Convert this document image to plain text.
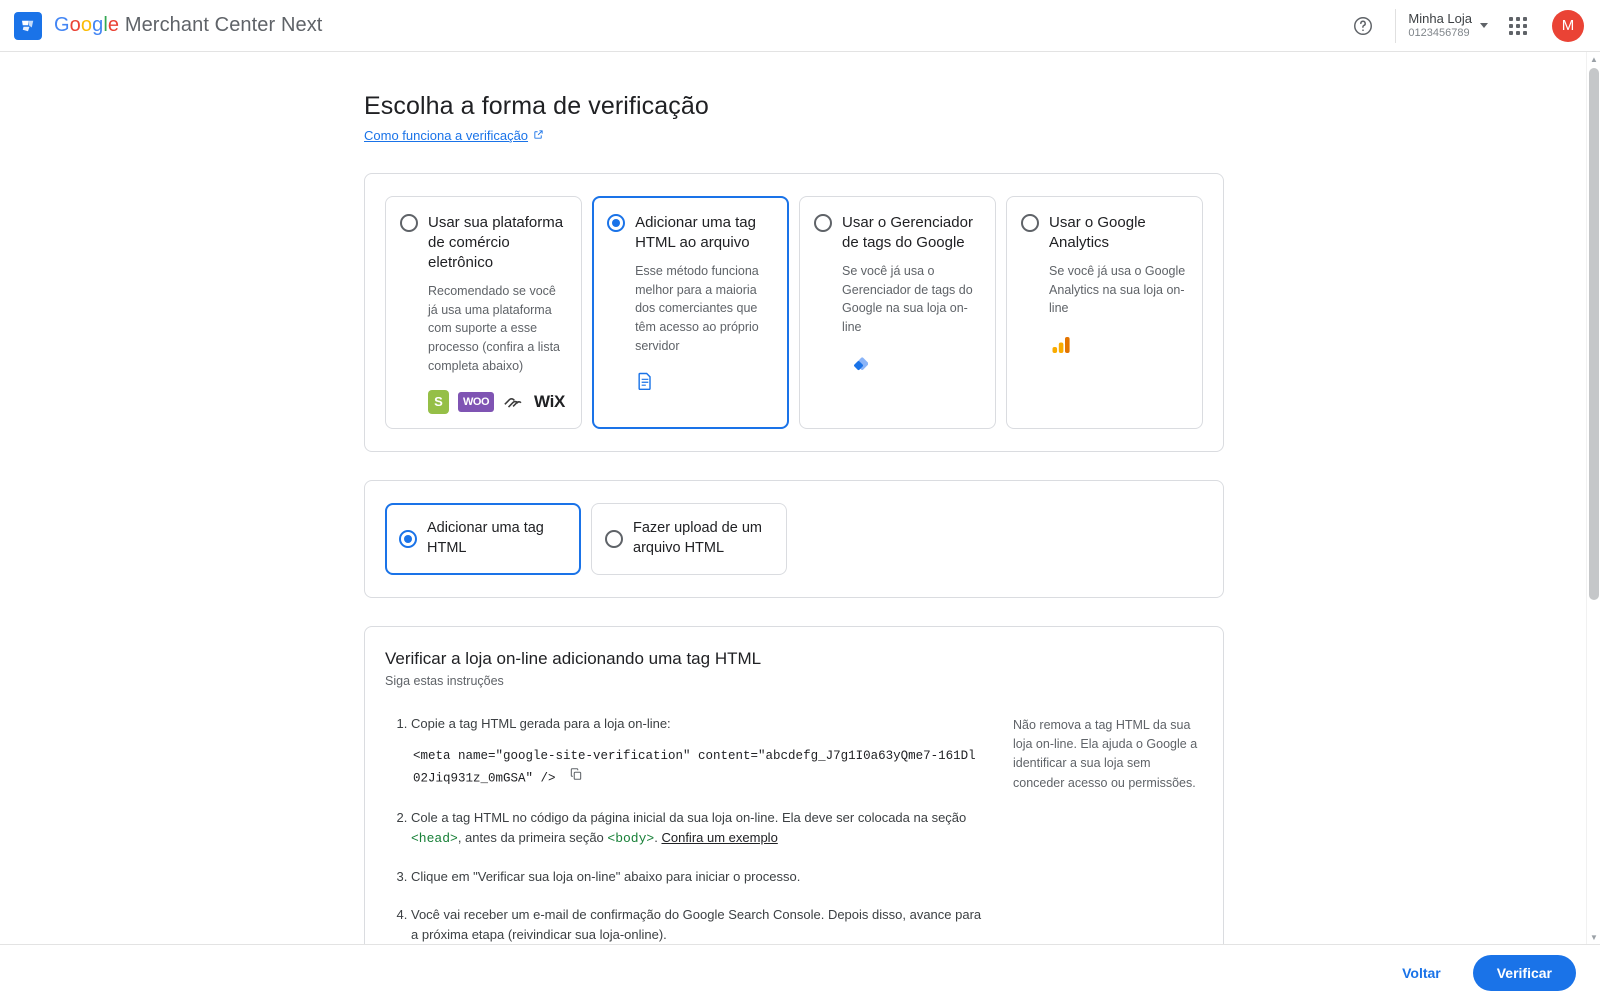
Google Merchant Center Next	Minha Loja
0123456789	M
Escolha a forma de verificação
Como funciona a verificação
Usar sua plataforma de comércio eletrônico
Recomendado se você já usa uma plataforma com suporte a esse processo (confira a lista completa abaixo)
S	WOO	WiX
Adicionar uma tag HTML ao arquivo
Esse método funciona melhor para a maioria dos comerciantes que têm acesso ao próprio servidor
Usar o Gerenciador de tags do Google
Se você já usa o Gerenciador de tags do Google na sua loja on-line
Usar o Google Analytics
Se você já usa o Google Analytics na sua loja on-line
Adicionar uma tag HTML
Fazer upload de um arquivo HTML
Verificar a loja on-line adicionando uma tag HTML

Siga estas instruções

1. Copie a tag HTML gerada para a loja on-line:
<meta name="google-site-verification" content="abcdefg_J7g1I0a63yQme7-161Dl02Jiq931z_0mGSA" />
2. Cole a tag HTML no código da página inicial da sua loja on-line. Ela deve ser colocada na seção <head>, antes da primeira seção <body>. Confira um exemplo
3. Clique em "Verificar sua loja on-line" abaixo para iniciar o processo.
4. Você vai receber um e-mail de confirmação do Google Search Console. Depois disso, avance para a próxima etapa (reivindicar sua loja-online).
Não remova a tag HTML da sua loja on-line. Ela ajuda o Google a identificar a sua loja sem conceder acesso ou permissões.
▲
▼
Voltar	Verificar
